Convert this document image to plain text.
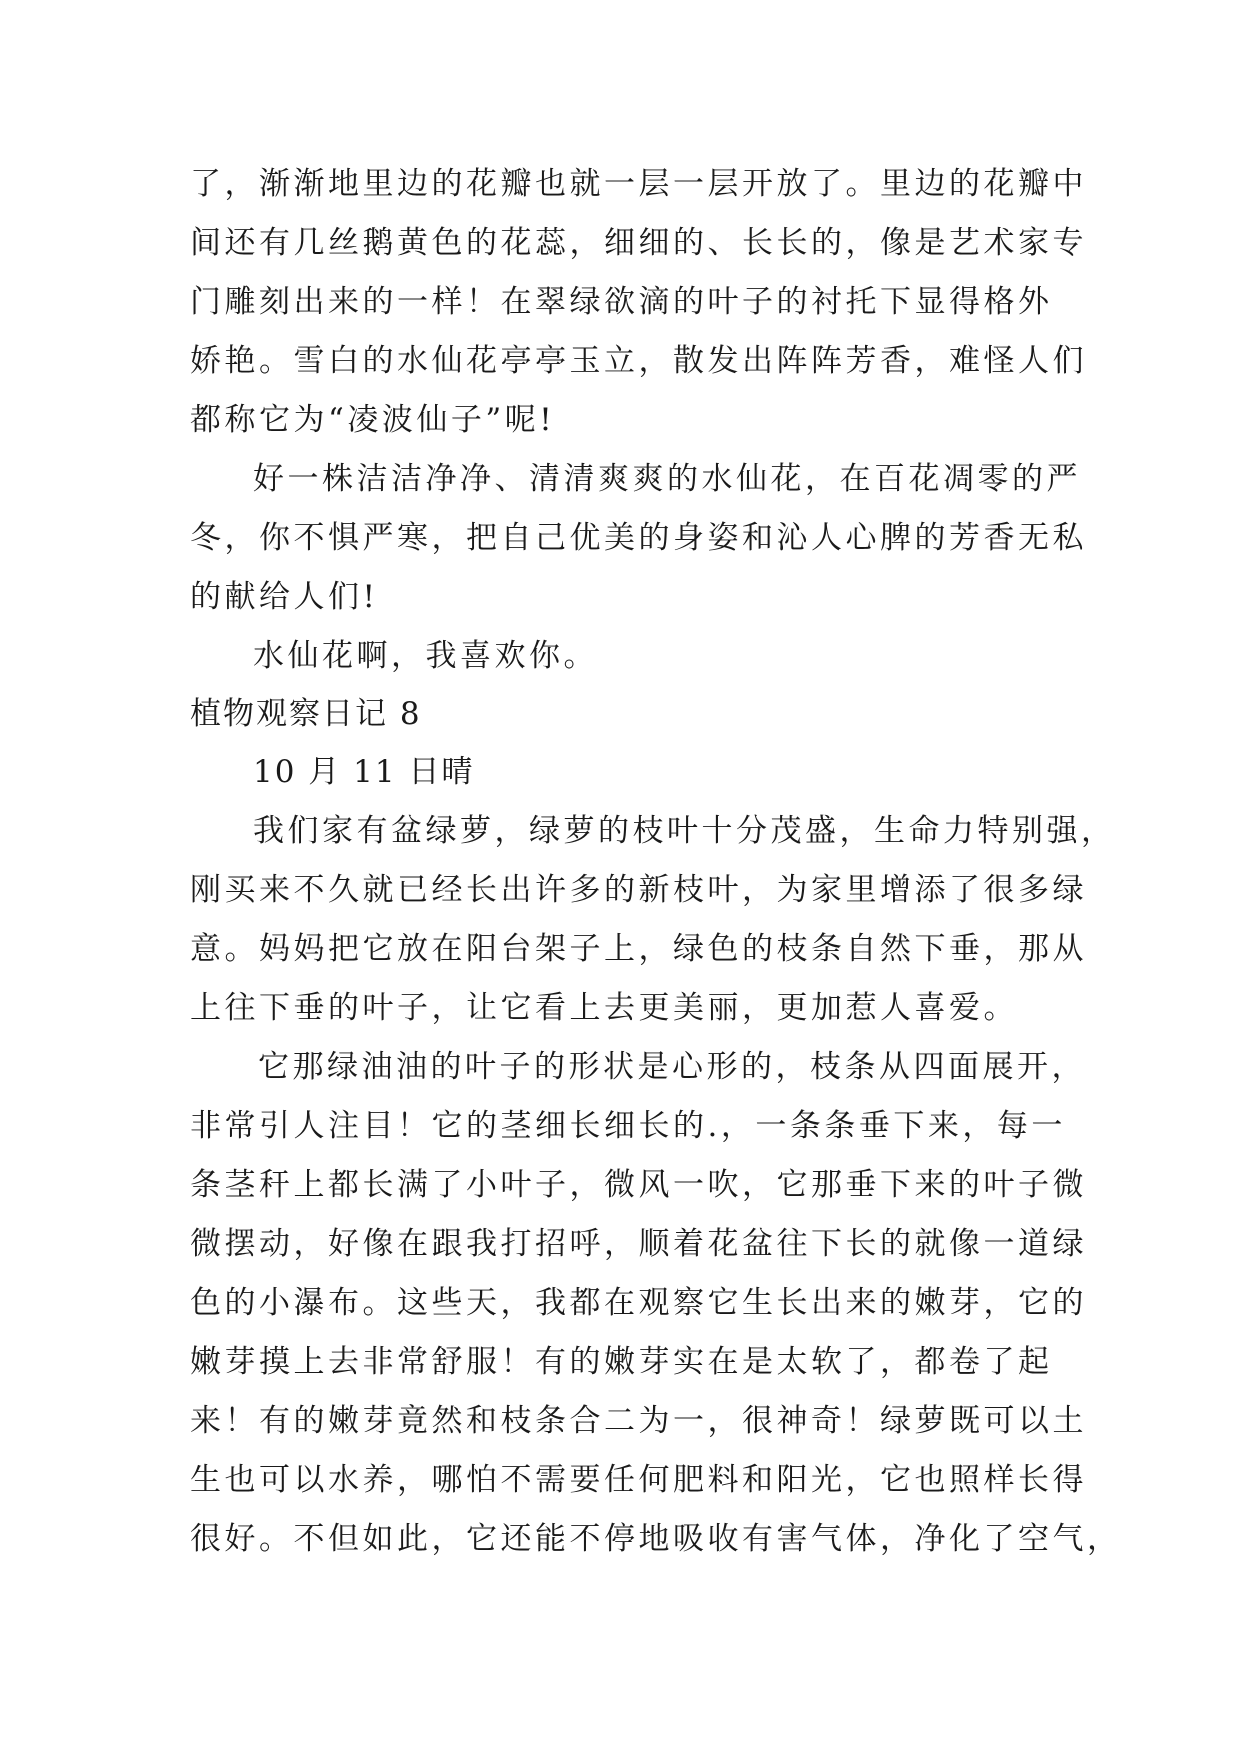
了，渐渐地里边的花瓣也就一层一层开放了。里边的花瓣中
间还有几丝鹅黄色的花蕊，细细的、长长的，像是艺术家专
门雕刻出来的一样！在翠绿欲滴的叶子的衬托下显得格外
娇艳。雪白的水仙花亭亭玉立，散发出阵阵芳香，难怪人们
都称它为“凌波仙子”呢!
好一株洁洁净净、清清爽爽的水仙花，在百花凋零的严
冬，你不惧严寒，把自己优美的身姿和沁人心脾的芳香无私
的献给人们!
水仙花啊，我喜欢你。
植物观察日记 8
10 月 11 日晴
我们家有盆绿萝，绿萝的枝叶十分茂盛，生命力特别强，
刚买来不久就已经长出许多的新枝叶，为家里增添了很多绿
意。妈妈把它放在阳台架子上，绿色的枝条自然下垂，那从
上往下垂的叶子，让它看上去更美丽，更加惹人喜爱。
它那绿油油的叶子的形状是心形的，枝条从四面展开，
非常引人注目！它的茎细长细长的.，一条条垂下来，每一
条茎秆上都长满了小叶子，微风一吹，它那垂下来的叶子微
微摆动，好像在跟我打招呼，顺着花盆往下长的就像一道绿
色的小瀑布。这些天，我都在观察它生长出来的嫩芽，它的
嫩芽摸上去非常舒服！有的嫩芽实在是太软了，都卷了起
来！有的嫩芽竟然和枝条合二为一，很神奇！绿萝既可以土
生也可以水养，哪怕不需要任何肥料和阳光，它也照样长得
很好。不但如此，它还能不停地吸收有害气体，净化了空气，
